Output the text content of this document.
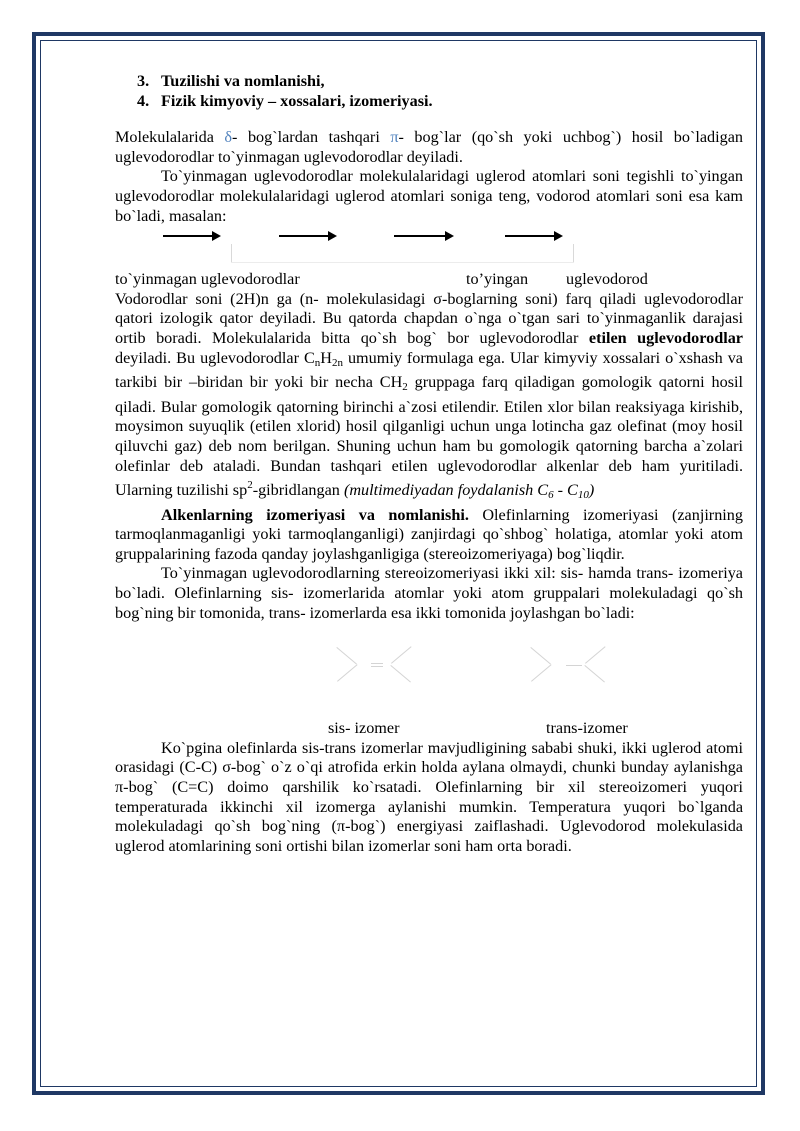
3. Tuzilishi va nomlanishi,
4. Fizik kimyoviy – xossalari, izomeriyasi.

Molekulalarida δ- bog`lardan tashqari π- bog`lar (qo`sh yoki uchbog`) hosil bo`ladigan uglevodorodlar to`yinmagan uglevodorodlar deyiladi.

To`yinmagan uglevodorodlar molekulalaridagi uglerod atomlari soni tegishli to`yingan uglevodorodlar molekulalaridagi uglerod atomlari soniga teng, vodorod atomlari soni esa kam bo`ladi, masalan:

to`yinmagan uglevodorodlar	to’yingan uglevodorod

Vodorodlar soni (2H)n ga (n- molekulasidagi σ-boglarning soni) farq qiladi uglevodorodlar qatori izologik qator deyiladi. Bu qatorda chapdan o`nga o`tgan sari to`yinmaganlik darajasi ortib boradi. Molekulalarida bitta qo`sh bog` bor uglevodorodlar etilen uglevodorodlar deyiladi. Bu uglevodorodlar $C_nH_{2n}$ umumiy formulaga ega. Ular kimyviy xossalari o`xshash va tarkibi bir –biridan bir yoki bir necha $CH_2$ gruppaga farq qiladigan gomologik qatorni hosil qiladi. Bular gomologik qatorning birinchi a`zosi etilendir. Etilen xlor bilan reaksiyaga kirishib, moysimon suyuqlik (etilen xlorid) hosil qilganligi uchun unga lotincha gaz olefinat (moy hosil qiluvchi gaz) deb nom berilgan. Shuning uchun ham bu gomologik qatorning barcha a`zolari olefinlar deb ataladi. Bundan tashqari etilen uglevodorodlar alkenlar deb ham yuritiladi. Ularning tuzilishi $sp^2$-gibridlangan (multimediyadan foydalanish $C_6 - C_{10}$)

Alkenlarning izomeriyasi va nomlanishi. Olefinlarning izomeriyasi (zanjirning tarmoqlanmaganligi yoki tarmoqlanganligi) zanjirdagi qo`shbog` holatiga, atomlar yoki atom gruppalarining fazoda qanday joylashganligiga (stereoizomeriyaga) bog`liqdir.

To`yinmagan uglevodorodlarning stereoizomeriyasi ikki xil: sis- hamda trans- izomeriya bo`ladi. Olefinlarning sis- izomerlarida atomlar yoki atom gruppalari molekuladagi qo`sh bog`ning bir tomonida, trans- izomerlarda esa ikki tomonida joylashgan bo`ladi:

sis- izomer	trans-izomer

Ko`pgina olefinlarda sis-trans izomerlar mavjudligining sababi shuki, ikki uglerod atomi orasidagi (C-C) σ-bog` o`z o`qi atrofida erkin holda aylana olmaydi, chunki bunday aylanishga π-bog` (C=C) doimo qarshilik ko`rsatadi. Olefinlarning bir xil stereoizomeri yuqori temperaturada ikkinchi xil izomerga aylanishi mumkin. Temperatura yuqori bo`lganda molekuladagi qo`sh bog`ning (π-bog`) energiyasi zaiflashadi. Uglevodorod molekulasida uglerod atomlarining soni ortishi bilan izomerlar soni ham orta boradi.
